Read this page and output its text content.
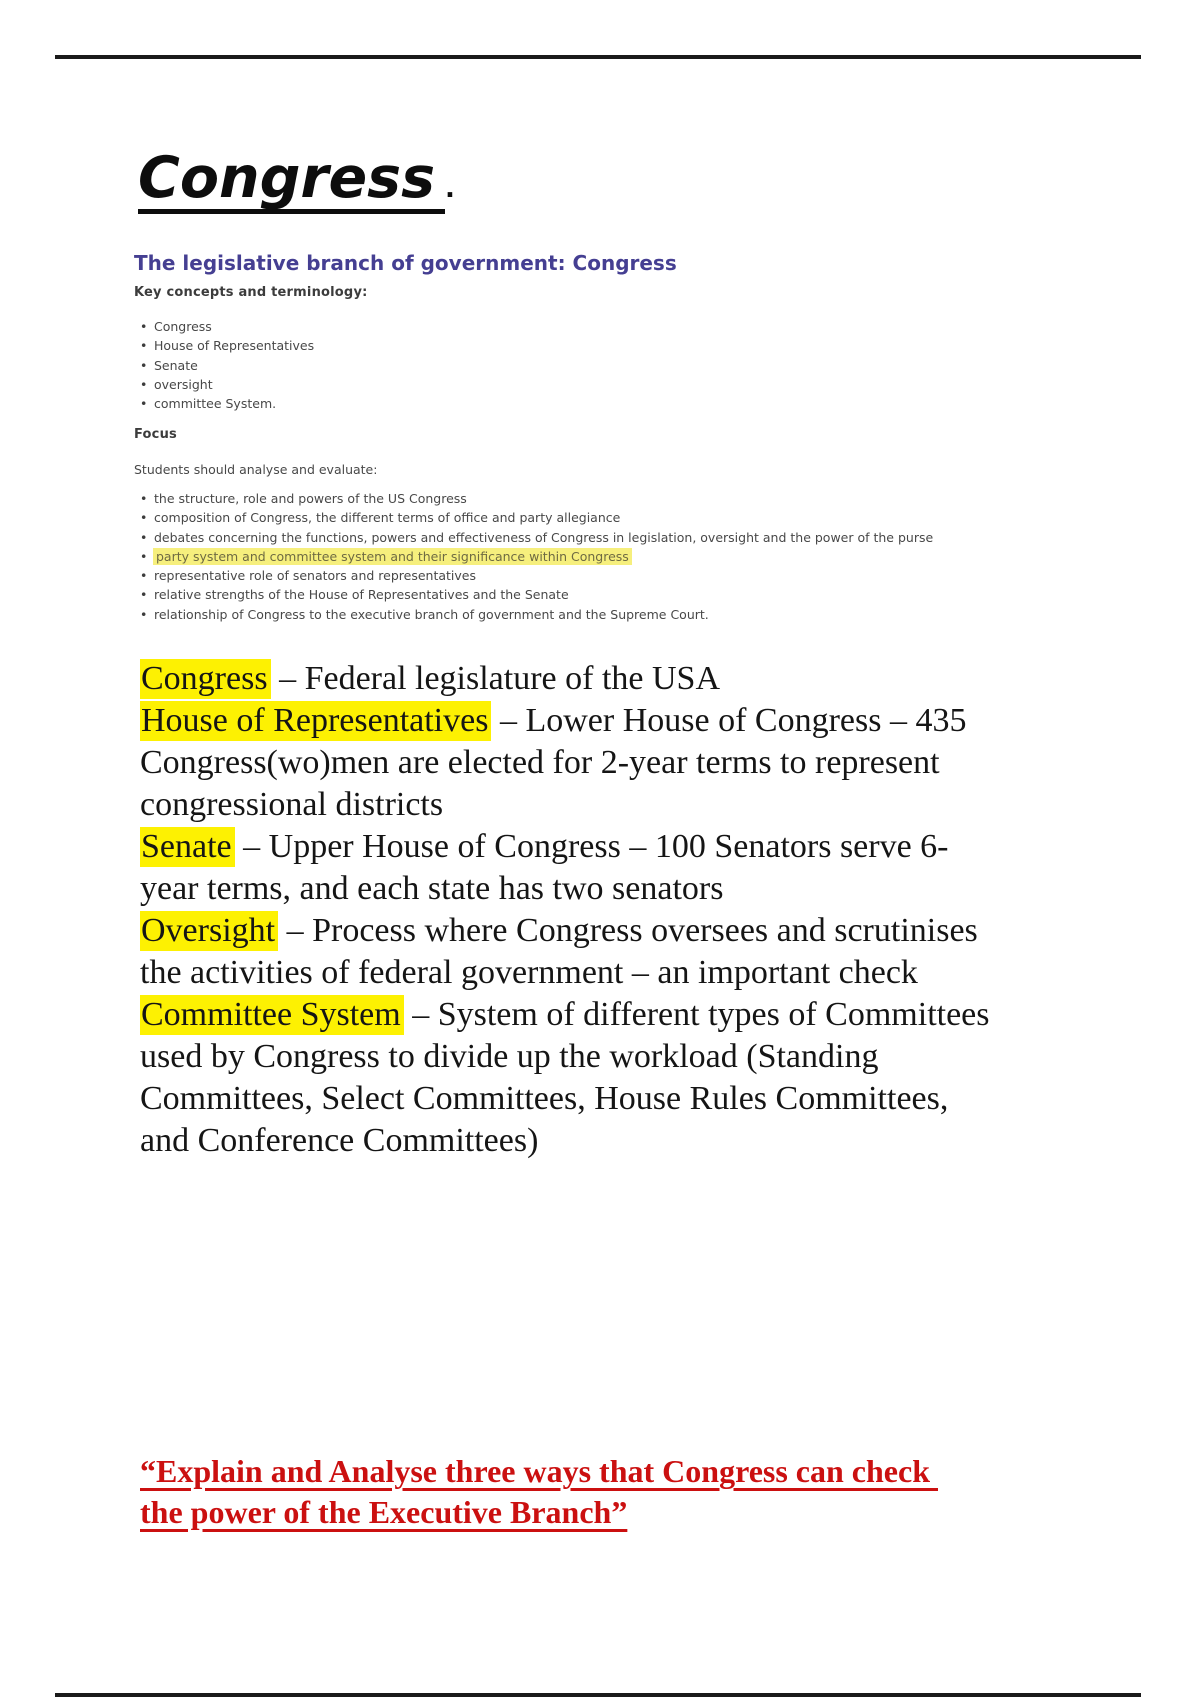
Congress .
The legislative branch of government: Congress
Key concepts and terminology:
• Congress
• House of Representatives
• Senate
• oversight
• committee System.
Focus
Students should analyse and evaluate:
• the structure, role and powers of the US Congress
• composition of Congress, the different terms of office and party allegiance
• debates concerning the functions, powers and effectiveness of Congress in legislation, oversight and the power of the purse
• party system and committee system and their significance within Congress
• representative role of senators and representatives
• relative strengths of the House of Representatives and the Senate
• relationship of Congress to the executive branch of government and the Supreme Court.
Congress – Federal legislature of the USA
House of Representatives – Lower House of Congress – 435
Congress(wo)men are elected for 2-year terms to represent
congressional districts
Senate – Upper House of Congress – 100 Senators serve 6-
year terms, and each state has two senators
Oversight – Process where Congress oversees and scrutinises
the activities of federal government – an important check
Committee System – System of different types of Committees
used by Congress to divide up the workload (Standing
Committees, Select Committees, House Rules Committees,
and Conference Committees)
“Explain and Analyse three ways that Congress can check
the power of the Executive Branch”
